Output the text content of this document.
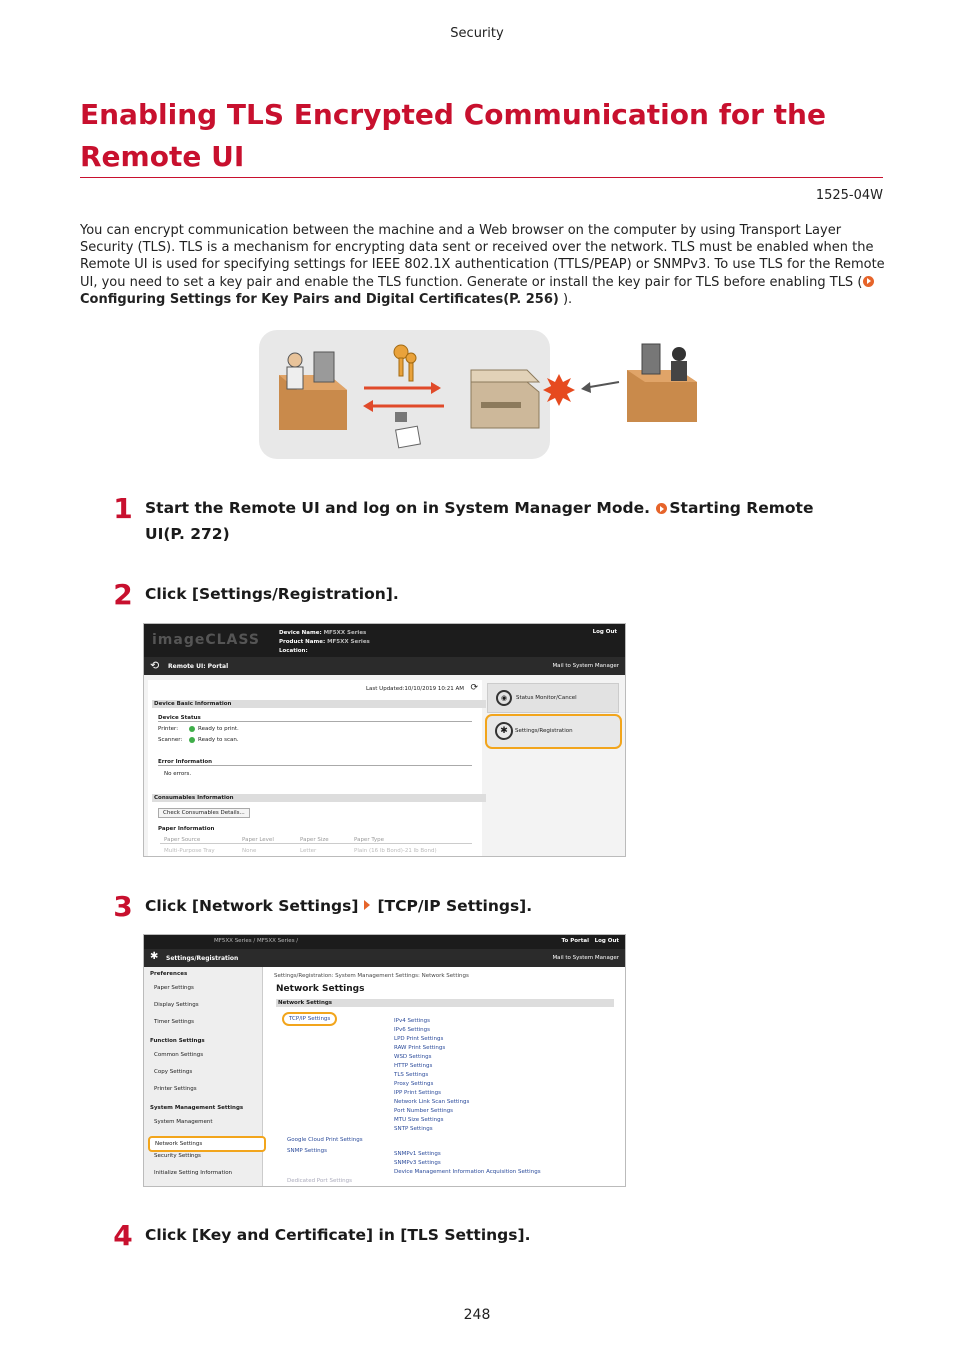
Security
Enabling TLS Encrypted Communication for the Remote UI
1525-04W
You can encrypt communication between the machine and a Web browser on the computer by using Transport Layer Security (TLS). TLS is a mechanism for encrypting data sent or received over the network. TLS must be enabled when the Remote UI is used for specifying settings for IEEE 802.1X authentication (TTLS/PEAP) or SNMPv3. To use TLS for the Remote UI, you need to set a key pair and enable the TLS function. Generate or install the key pair for TLS before enabling TLS (Configuring Settings for Key Pairs and Digital Certificates(P. 256) ).
1 Start the Remote UI and log on in System Manager Mode. Starting Remote UI(P. 272)
2 Click [Settings/Registration].
imageCLASS	Device Name: MF5XX Series
Product Name: MF5XX Series
Location:
Log Out
⟲ Remote UI: Portal	Mail to System Manager
Last Updated:10/10/2019 10:21 AM ⟳
Device Basic Information
Device Status
Printer:	Ready to print.
Scanner:	Ready to scan.
Error Information
No errors.
Consumables Information
Check Consumables Details...
Paper Information
Paper Source	Paper Level	Paper Size	Paper Type

Multi-Purpose Tray	None	Letter	Plain (16 lb Bond)-21 lb Bond)
◉	Status Monitor/Cancel
✱	Settings/Registration
3 Click [Network Settings] [TCP/IP Settings].
MF5XX Series / MF5XX Series /	To Portal Log Out
✱ Settings/Registration	Mail to System Manager
Preferences
Paper Settings
Display Settings
Timer Settings
Function Settings
Common Settings
Copy Settings
Printer Settings
System Management Settings
System Management
Network Settings
Security Settings
Initialize Setting Information
Settings/Registration: System Management Settings: Network Settings
Network Settings
Network Settings
TCP/IP Settings	IPv4 Settings
IPv6 Settings
LPD Print Settings
RAW Print Settings
WSD Settings
HTTP Settings
TLS Settings
Proxy Settings
IPP Print Settings
Network Link Scan Settings
Port Number Settings
MTU Size Settings
SNTP Settings
Google Cloud Print Settings
SNMP Settings	SNMPv1 Settings
SNMPv3 Settings
Device Management Information Acquisition Settings
Dedicated Port Settings
4 Click [Key and Certificate] in [TLS Settings].
248
